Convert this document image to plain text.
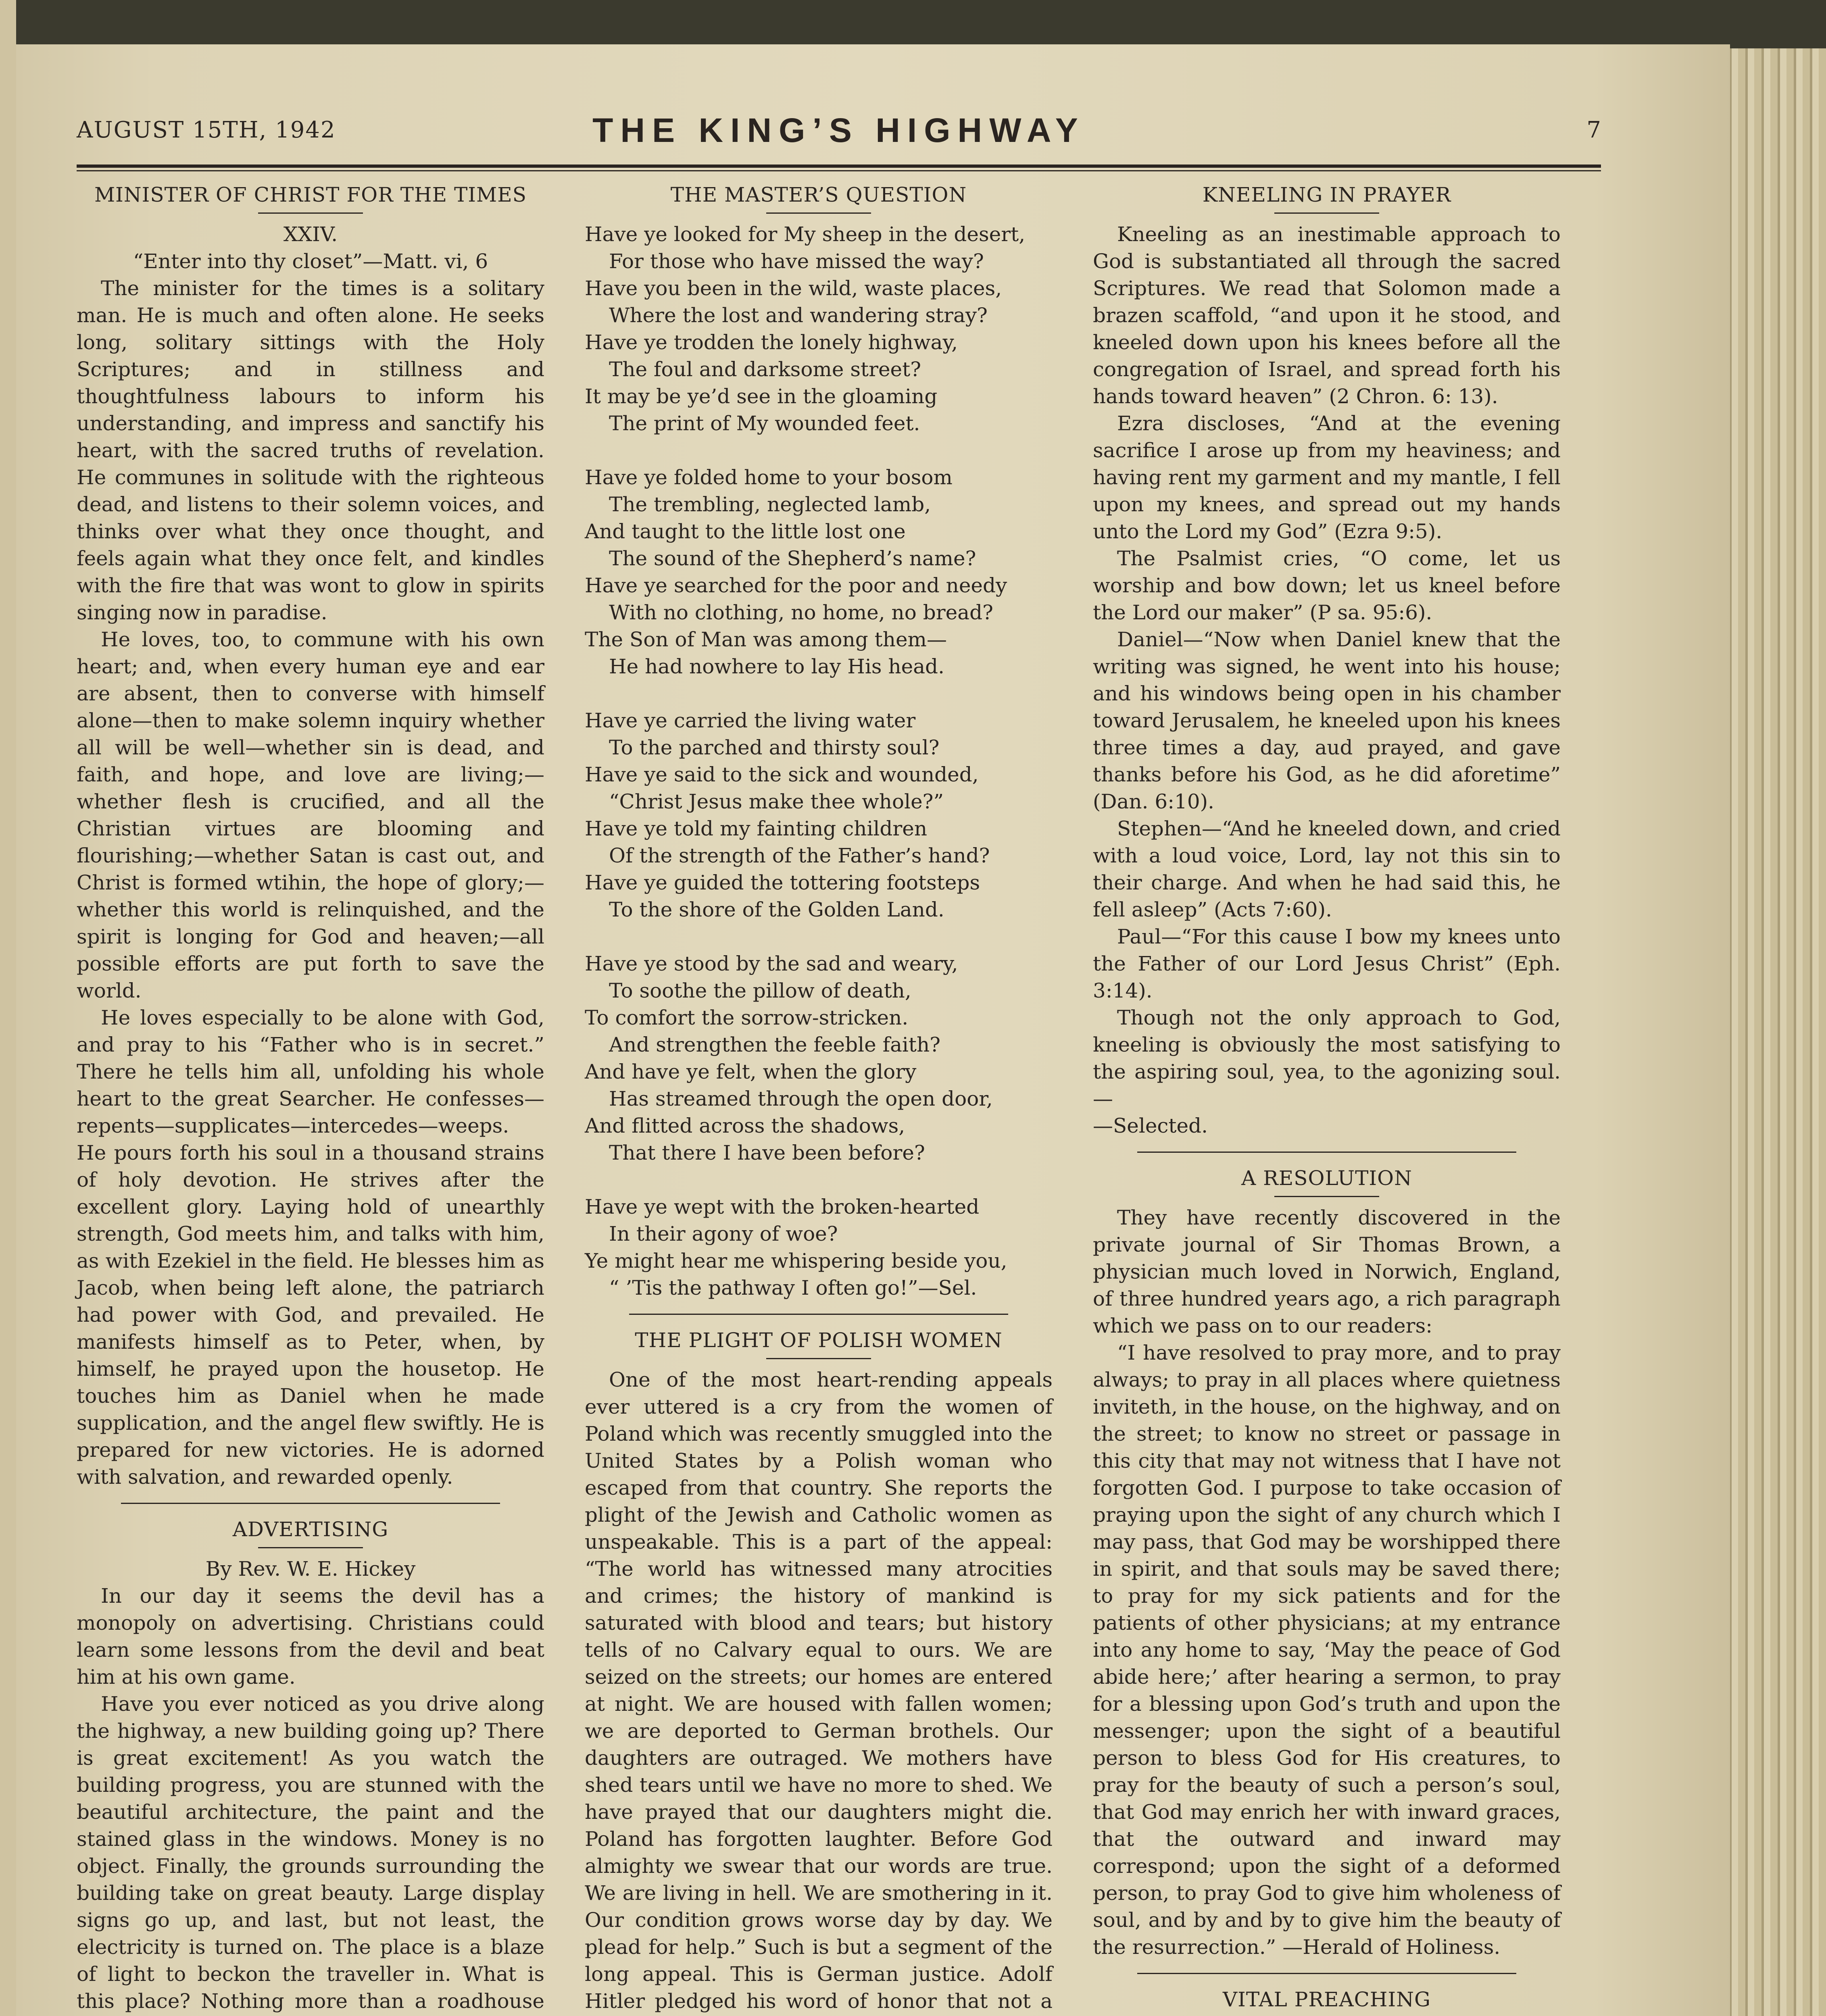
AUGUST 15TH, 1942	THE KING’S HIGHWAY	7

MINISTER OF CHRIST FOR THE TIMES

XXIV.

“Enter into thy closet”—Matt. vi, 6

The minister for the times is a solitary man. He is much and often alone. He seeks long, solitary sittings with the Holy Scriptures; and in stillness and thoughtfulness labours to inform his understanding, and impress and sanctify his heart, with the sacred truths of revelation. He communes in solitude with the righteous dead, and listens to their solemn voices, and thinks over what they once thought, and feels again what they once felt, and kindles with the fire that was wont to glow in spirits singing now in paradise.

He loves, too, to commune with his own heart; and, when every human eye and ear are absent, then to converse with himself alone—then to make solemn inquiry whether all will be well—whether sin is dead, and faith, and hope, and love are living;—whether flesh is crucified, and all the Christian virtues are blooming and flourishing;—whether Satan is cast out, and Christ is formed wtihin, the hope of glory;—whether this world is relinquished, and the spirit is longing for God and heaven;—all possible efforts are put forth to save the world.

He loves especially to be alone with God, and pray to his “Father who is in secret.” There he tells him all, unfolding his whole heart to the great Searcher. He confesses—repents—supplicates—intercedes—weeps. He pours forth his soul in a thousand strains of holy devotion. He strives after the excellent glory. Laying hold of unearthly strength, God meets him, and talks with him, as with Ezekiel in the field. He blesses him as Jacob, when being left alone, the patriarch had power with God, and prevailed. He manifests himself as to Peter, when, by himself, he prayed upon the housetop. He touches him as Daniel when he made supplication, and the angel flew swiftly. He is prepared for new victories. He is adorned with salvation, and rewarded openly.

ADVERTISING

By Rev. W. E. Hickey

In our day it seems the devil has a monopoly on advertising. Christians could learn some lessons from the devil and beat him at his own game.

Have you ever noticed as you drive along the highway, a new building going up? There is great excitement! As you watch the building progress, you are stunned with the beautiful architecture, the paint and the stained glass in the windows. Money is no object. Finally, the grounds surrounding the building take on great beauty. Large display signs go up, and last, but not least, the electricity is turned on. The place is a blaze of light to beckon the traveller in. What is this place? Nothing more than a roadhouse

THE MASTER’S QUESTION

Have ye looked for My sheep in the desert,
For those who have missed the way?
Have you been in the wild, waste places,
Where the lost and wandering stray?
Have ye trodden the lonely highway,
The foul and darksome street?
It may be ye’d see in the gloaming
The print of My wounded feet.
Have ye folded home to your bosom
The trembling, neglected lamb,
And taught to the little lost one
The sound of the Shepherd’s name?
Have ye searched for the poor and needy
With no clothing, no home, no bread?
The Son of Man was among them—
He had nowhere to lay His head.
Have ye carried the living water
To the parched and thirsty soul?
Have ye said to the sick and wounded,
“Christ Jesus make thee whole?”
Have ye told my fainting children
Of the strength of the Father’s hand?
Have ye guided the tottering footsteps
To the shore of the Golden Land.
Have ye stood by the sad and weary,
To soothe the pillow of death,
To comfort the sorrow-stricken.
And strengthen the feeble faith?
And have ye felt, when the glory
Has streamed through the open door,
And flitted across the shadows,
That there I have been before?
Have ye wept with the broken-hearted
In their agony of woe?
Ye might hear me whispering beside you,
“ ’Tis the pathway I often go!”—Sel.

THE PLIGHT OF POLISH WOMEN

One of the most heart-rending appeals ever uttered is a cry from the women of Poland which was recently smuggled into the United States by a Polish woman who escaped from that country. She reports the plight of the Jewish and Catholic women as unspeakable. This is a part of the appeal: “The world has witnessed many atrocities and crimes; the history of mankind is saturated with blood and tears; but history tells of no Calvary equal to ours. We are seized on the streets; our homes are entered at night. We are housed with fallen women; we are deported to German brothels. Our daughters are outraged. We mothers have shed tears until we have no more to shed. We have prayed that our daughters might die. Poland has forgotten laughter. Before God almighty we swear that our words are true. We are living in hell. We are smothering in it. Our condition grows worse day by day. We plead for help.” Such is but a segment of the long appeal. This is German justice. Adolf Hitler pledged his word of honor that not a

KNEELING IN PRAYER

Kneeling as an inestimable approach to God is substantiated all through the sacred Scriptures. We read that Solomon made a brazen scaffold, “and upon it he stood, and kneeled down upon his knees before all the congregation of Israel, and spread forth his hands toward heaven” (2 Chron. 6: 13).

Ezra discloses, “And at the evening sacrifice I arose up from my heaviness; and having rent my garment and my mantle, I fell upon my knees, and spread out my hands unto the Lord my God” (Ezra 9:5).

The Psalmist cries, “O come, let us worship and bow down; let us kneel before the Lord our maker” (P sa. 95:6).

Daniel—“Now when Daniel knew that the writing was signed, he went into his house; and his windows being open in his chamber toward Jerusalem, he kneeled upon his knees three times a day, aud prayed, and gave thanks before his God, as he did aforetime” (Dan. 6:10).

Stephen—“And he kneeled down, and cried with a loud voice, Lord, lay not this sin to their charge. And when he had said this, he fell asleep” (Acts 7:60).

Paul—“For this cause I bow my knees unto the Father of our Lord Jesus Christ” (Eph. 3:14).

Though not the only approach to God, kneeling is obviously the most satisfying to the aspiring soul, yea, to the agonizing soul.—

—Selected.

A RESOLUTION

They have recently discovered in the private journal of Sir Thomas Brown, a physician much loved in Norwich, England, of three hundred years ago, a rich paragraph which we pass on to our readers:

“I have resolved to pray more, and to pray always; to pray in all places where quietness inviteth, in the house, on the highway, and on the street; to know no street or passage in this city that may not witness that I have not forgotten God. I purpose to take occasion of praying upon the sight of any church which I may pass, that God may be worshipped there in spirit, and that souls may be saved there; to pray for my sick patients and for the patients of other physicians; at my entrance into any home to say, ‘May the peace of God abide here;’ after hearing a sermon, to pray for a blessing upon God’s truth and upon the messenger; upon the sight of a beautiful person to bless God for His creatures, to pray for the beauty of such a person’s soul, that God may enrich her with inward graces, that the outward and inward may correspond; upon the sight of a deformed person, to pray God to give him wholeness of soul, and by and by to give him the beauty of the resurrection.” —Herald of Holiness.

VITAL PREACHING
